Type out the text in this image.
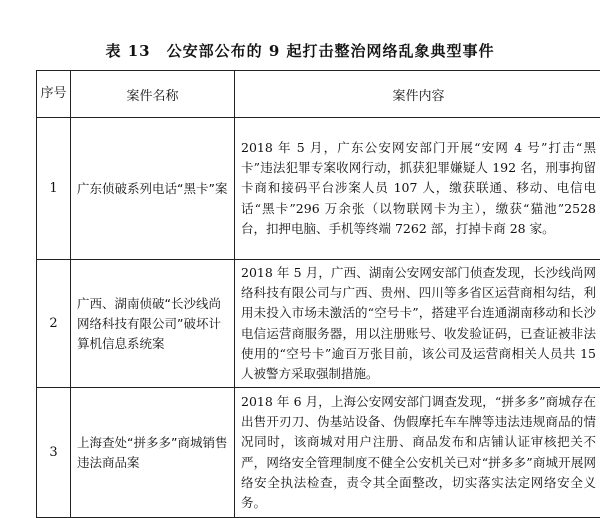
表 13　公安部公布的 9 起打击整治网络乱象典型事件
序号	案件名称	案件内容
1	广东侦破系列电话“黑卡”案	2018 年 5 月，广东公安网安部门开展“安网 4 号”打击“黑卡”违法犯罪专案收网行动，抓获犯罪嫌疑人 192 名，刑事拘留卡商和接码平台涉案人员 107 人，缴获联通、移动、电信电话“黑卡”296 万余张（以物联网卡为主），缴获“猫池”2528 台，扣押电脑、手机等终端 7262 部，打掉卡商 28 家。
2	广西、湖南侦破“长沙线尚网络科技有限公司”破坏计算机信息系统案	2018 年 5 月，广西、湖南公安网安部门侦查发现，长沙线尚网络科技有限公司与广西、贵州、四川等多省区运营商相勾结，利用未投入市场未激活的“空号卡”，搭建平台连通湖南移动和长沙电信运营商服务器，用以注册账号、收发验证码，已查证被非法使用的“空号卡”逾百万张目前，该公司及运营商相关人员共 15 人被警方采取强制措施。
3	上海查处“拼多多”商城销售违法商品案	2018 年 6 月，上海公安网安部门调查发现，“拼多多”商城存在出售开刃刀、伪基站设备、伪假摩托车车牌等违法违规商品的情况同时，该商城对用户注册、商品发布和店铺认证审核把关不严，网络安全管理制度不健全公安机关已对“拼多多”商城开展网络安全执法检查，责令其全面整改，切实落实法定网络安全义务。
